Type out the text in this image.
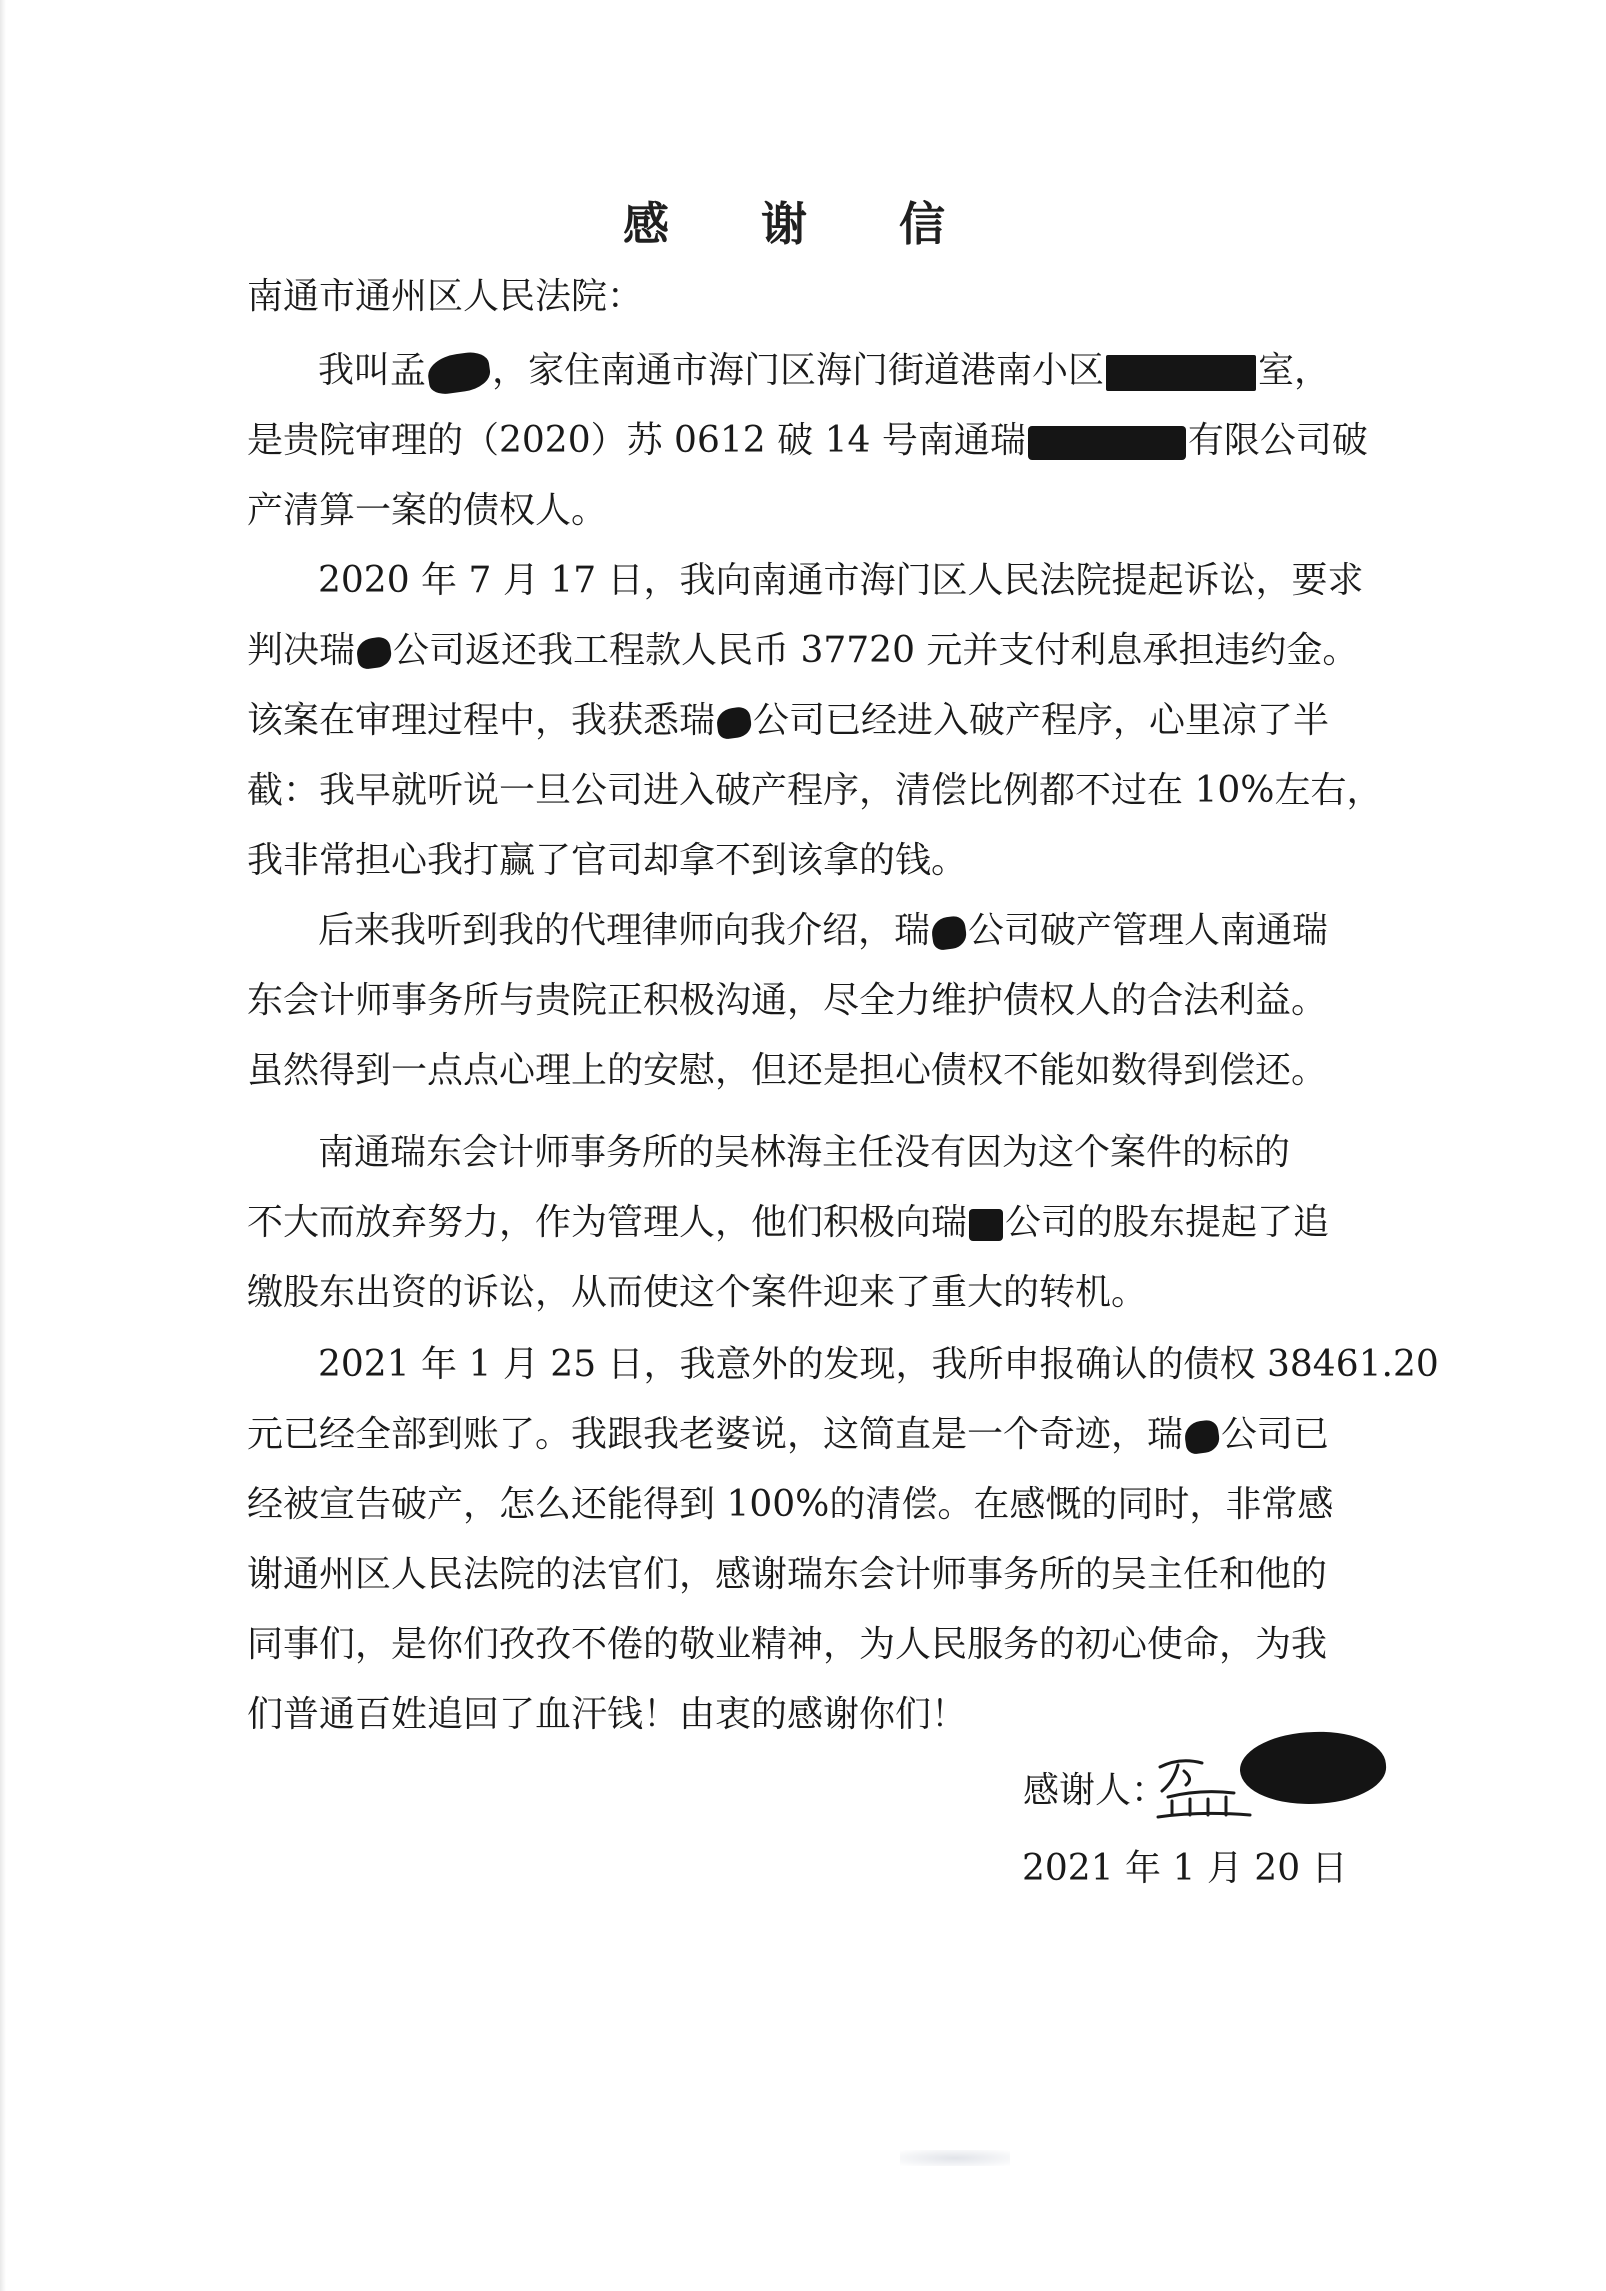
感 谢 信
南通市通州区人民法院：
我叫孟 ，家住南通市海门区海门街道港南小区	室，
是贵院审理的（2020）苏 0612 破 14 号南通瑞	有限公司破
产清算一案的债权人。
2020 年 7 月 17 日，我向南通市海门区人民法院提起诉讼，要求
判决瑞 公司返还我工程款人民币 37720 元并支付利息承担违约金。
该案在审理过程中，我获悉瑞 公司已经进入破产程序，心里凉了半
截：我早就听说一旦公司进入破产程序，清偿比例都不过在 10%左右，
我非常担心我打赢了官司却拿不到该拿的钱。
后来我听到我的代理律师向我介绍，瑞 公司破产管理人南通瑞
东会计师事务所与贵院正积极沟通，尽全力维护债权人的合法利益。
虽然得到一点点心理上的安慰，但还是担心债权不能如数得到偿还。
南通瑞东会计师事务所的吴林海主任没有因为这个案件的标的
不大而放弃努力，作为管理人，他们积极向瑞 公司的股东提起了追
缴股东出资的诉讼，从而使这个案件迎来了重大的转机。
2021 年 1 月 25 日，我意外的发现，我所申报确认的债权 38461.20
元已经全部到账了。我跟我老婆说，这简直是一个奇迹，瑞 公司已
经被宣告破产，怎么还能得到 100%的清偿。在感慨的同时，非常感
谢通州区人民法院的法官们，感谢瑞东会计师事务所的吴主任和他的
同事们，是你们孜孜不倦的敬业精神，为人民服务的初心使命，为我
们普通百姓追回了血汗钱！由衷的感谢你们！
感谢人：
2021 年 1 月 20 日
